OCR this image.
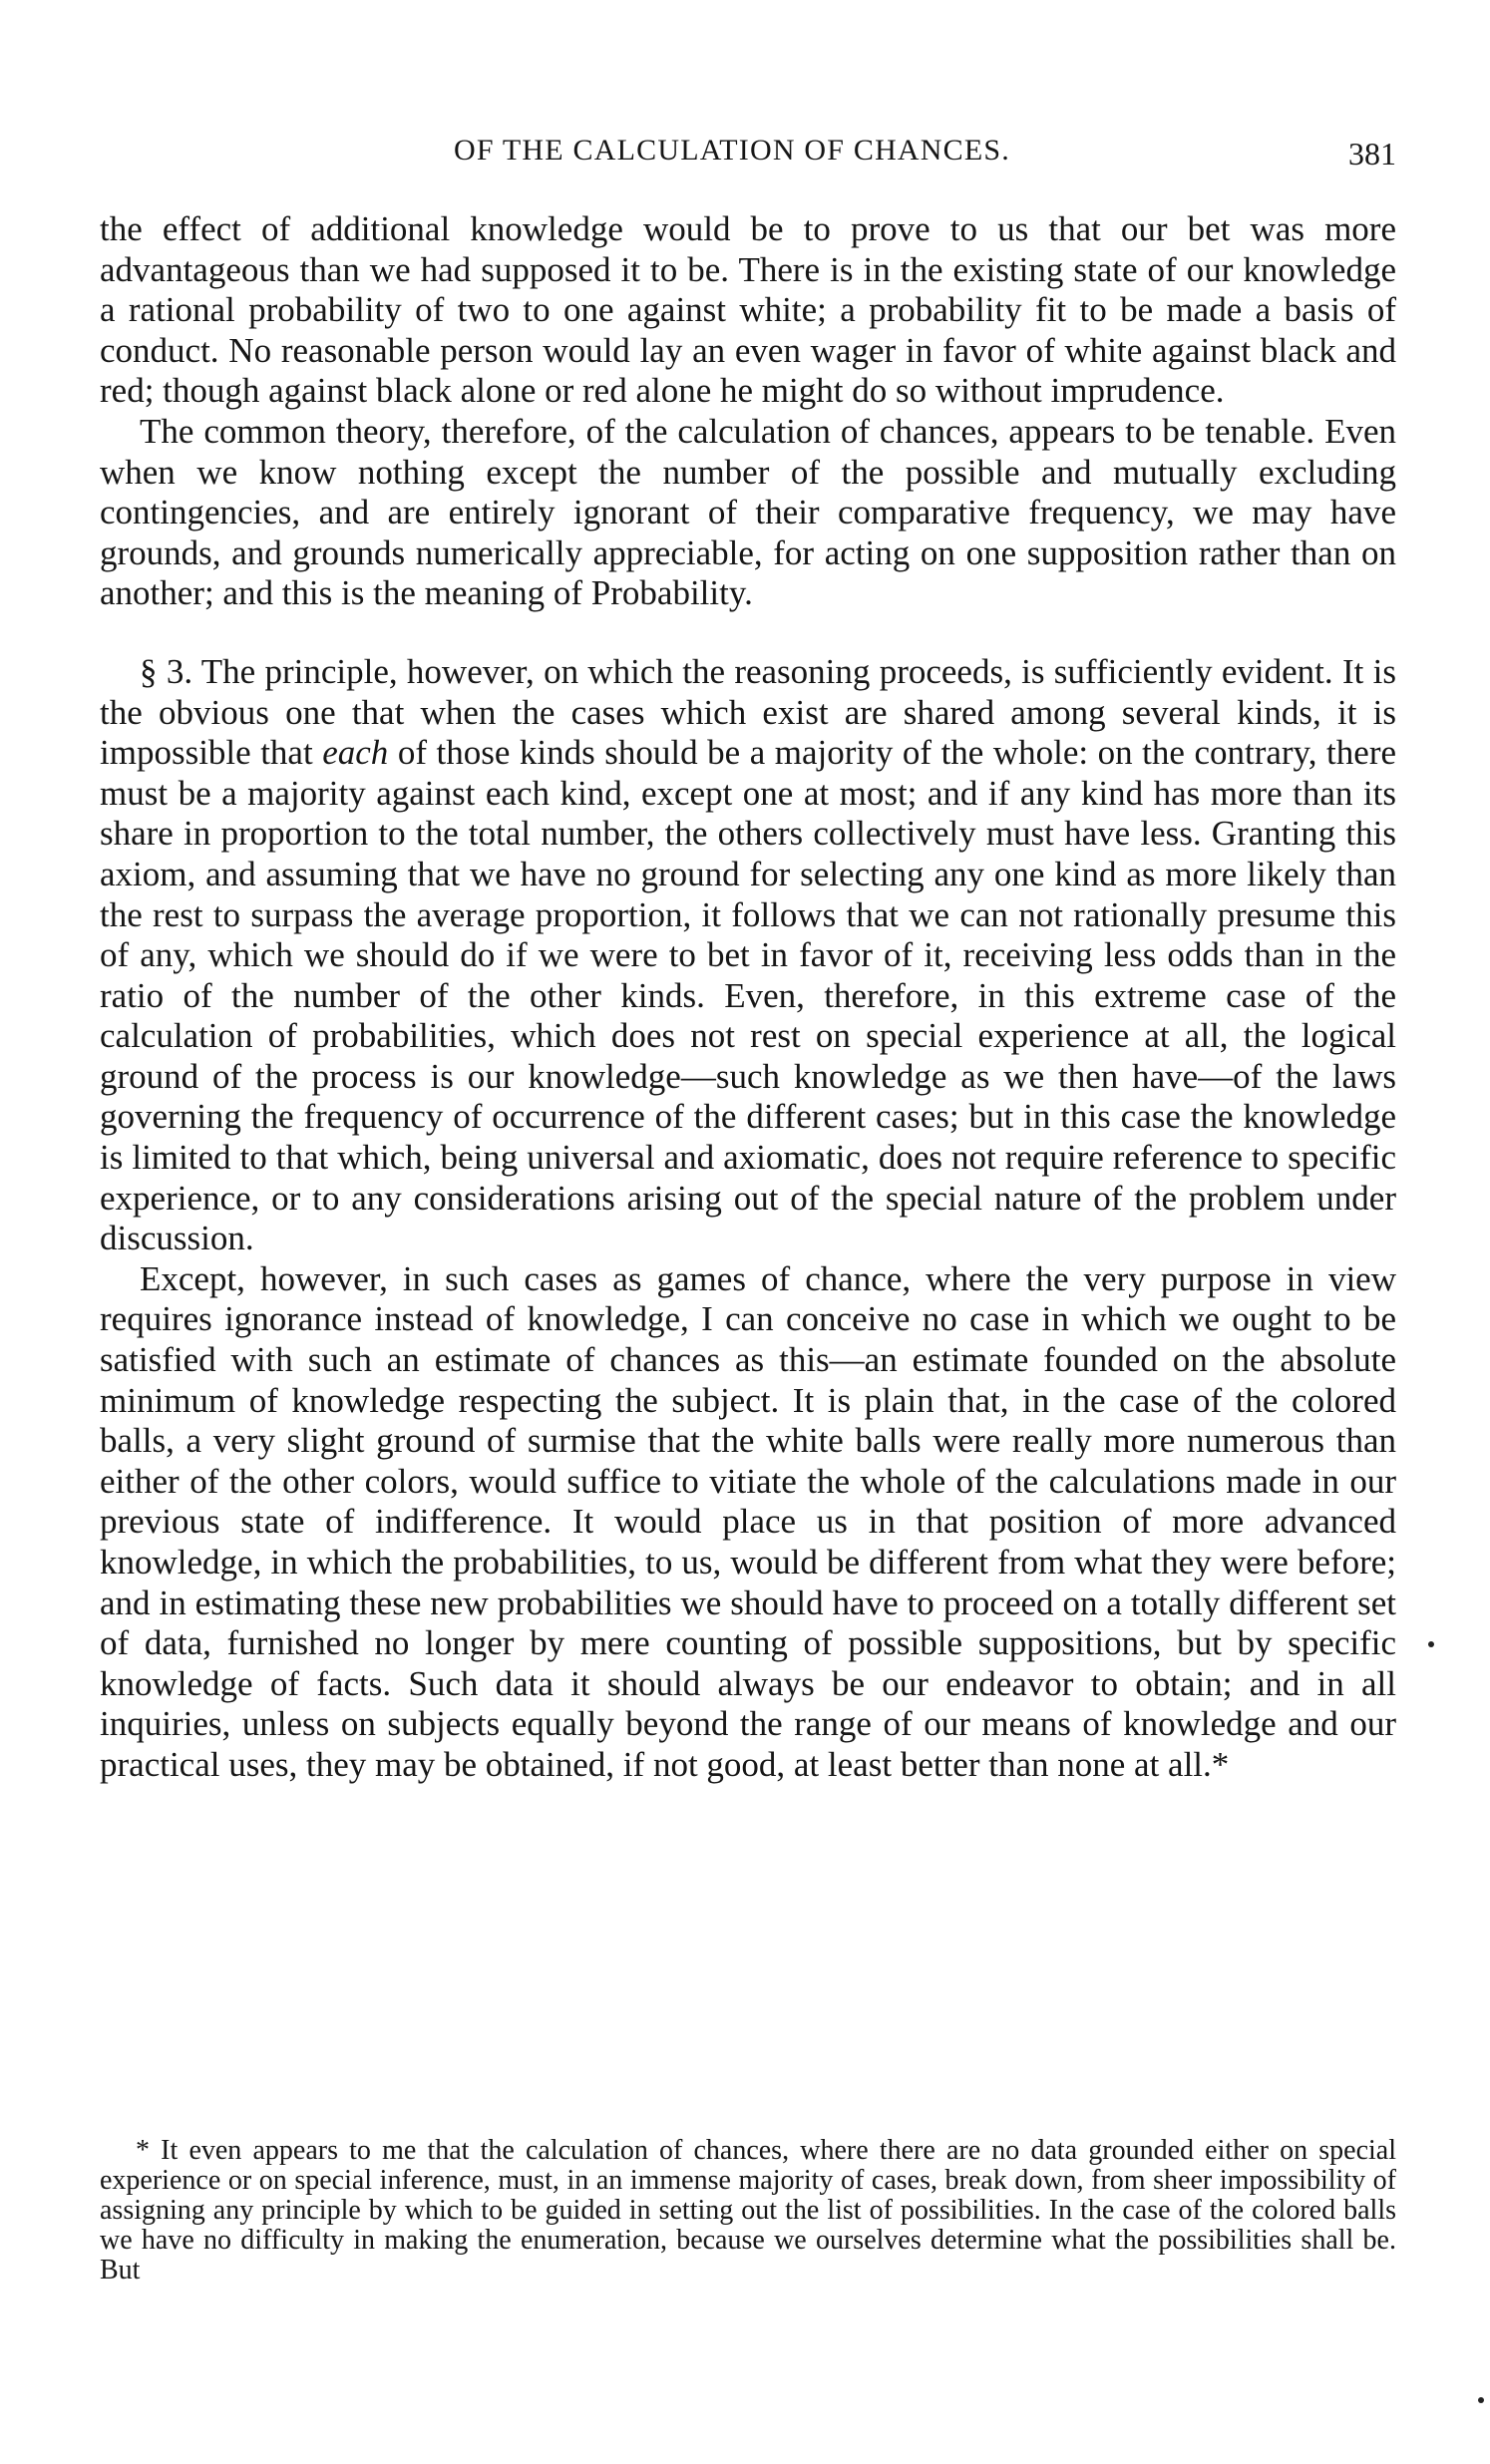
OF THE CALCULATION OF CHANCES.	381

the effect of additional knowledge would be to prove to us that our bet was more advantageous than we had supposed it to be. There is in the existing state of our knowledge a rational probability of two to one against white; a probability fit to be made a basis of conduct. No reasonable person would lay an even wager in favor of white against black and red; though against black alone or red alone he might do so without imprudence.

The common theory, therefore, of the calculation of chances, appears to be tenable. Even when we know nothing except the number of the possible and mutually excluding contingencies, and are entirely ignorant of their comparative frequency, we may have grounds, and grounds numerically appreciable, for acting on one supposition rather than on another; and this is the meaning of Probability.

§ 3. The principle, however, on which the reasoning proceeds, is sufficiently evident. It is the obvious one that when the cases which exist are shared among several kinds, it is impossible that each of those kinds should be a majority of the whole: on the contrary, there must be a majority against each kind, except one at most; and if any kind has more than its share in proportion to the total number, the others collectively must have less. Granting this axiom, and assuming that we have no ground for selecting any one kind as more likely than the rest to surpass the average proportion, it follows that we can not rationally presume this of any, which we should do if we were to bet in favor of it, receiving less odds than in the ratio of the number of the other kinds. Even, therefore, in this extreme case of the calculation of probabilities, which does not rest on special experience at all, the logical ground of the process is our knowledge—such knowledge as we then have—of the laws governing the frequency of occurrence of the different cases; but in this case the knowledge is limited to that which, being universal and axiomatic, does not require reference to specific experience, or to any considerations arising out of the special nature of the problem under discussion.

Except, however, in such cases as games of chance, where the very purpose in view requires ignorance instead of knowledge, I can conceive no case in which we ought to be satisfied with such an estimate of chances as this—an estimate founded on the absolute minimum of knowledge respecting the subject. It is plain that, in the case of the colored balls, a very slight ground of surmise that the white balls were really more numerous than either of the other colors, would suffice to vitiate the whole of the calculations made in our previous state of indifference. It would place us in that position of more advanced knowledge, in which the probabilities, to us, would be different from what they were before; and in estimating these new probabilities we should have to proceed on a totally different set of data, furnished no longer by mere counting of possible suppositions, but by specific knowledge of facts. Such data it should always be our endeavor to obtain; and in all inquiries, unless on subjects equally beyond the range of our means of knowledge and our practical uses, they may be obtained, if not good, at least better than none at all.*

* It even appears to me that the calculation of chances, where there are no data grounded either on special experience or on special inference, must, in an immense majority of cases, break down, from sheer impossibility of assigning any principle by which to be guided in setting out the list of possibilities. In the case of the colored balls we have no difficulty in making the enumeration, because we ourselves determine what the possibilities shall be. But
